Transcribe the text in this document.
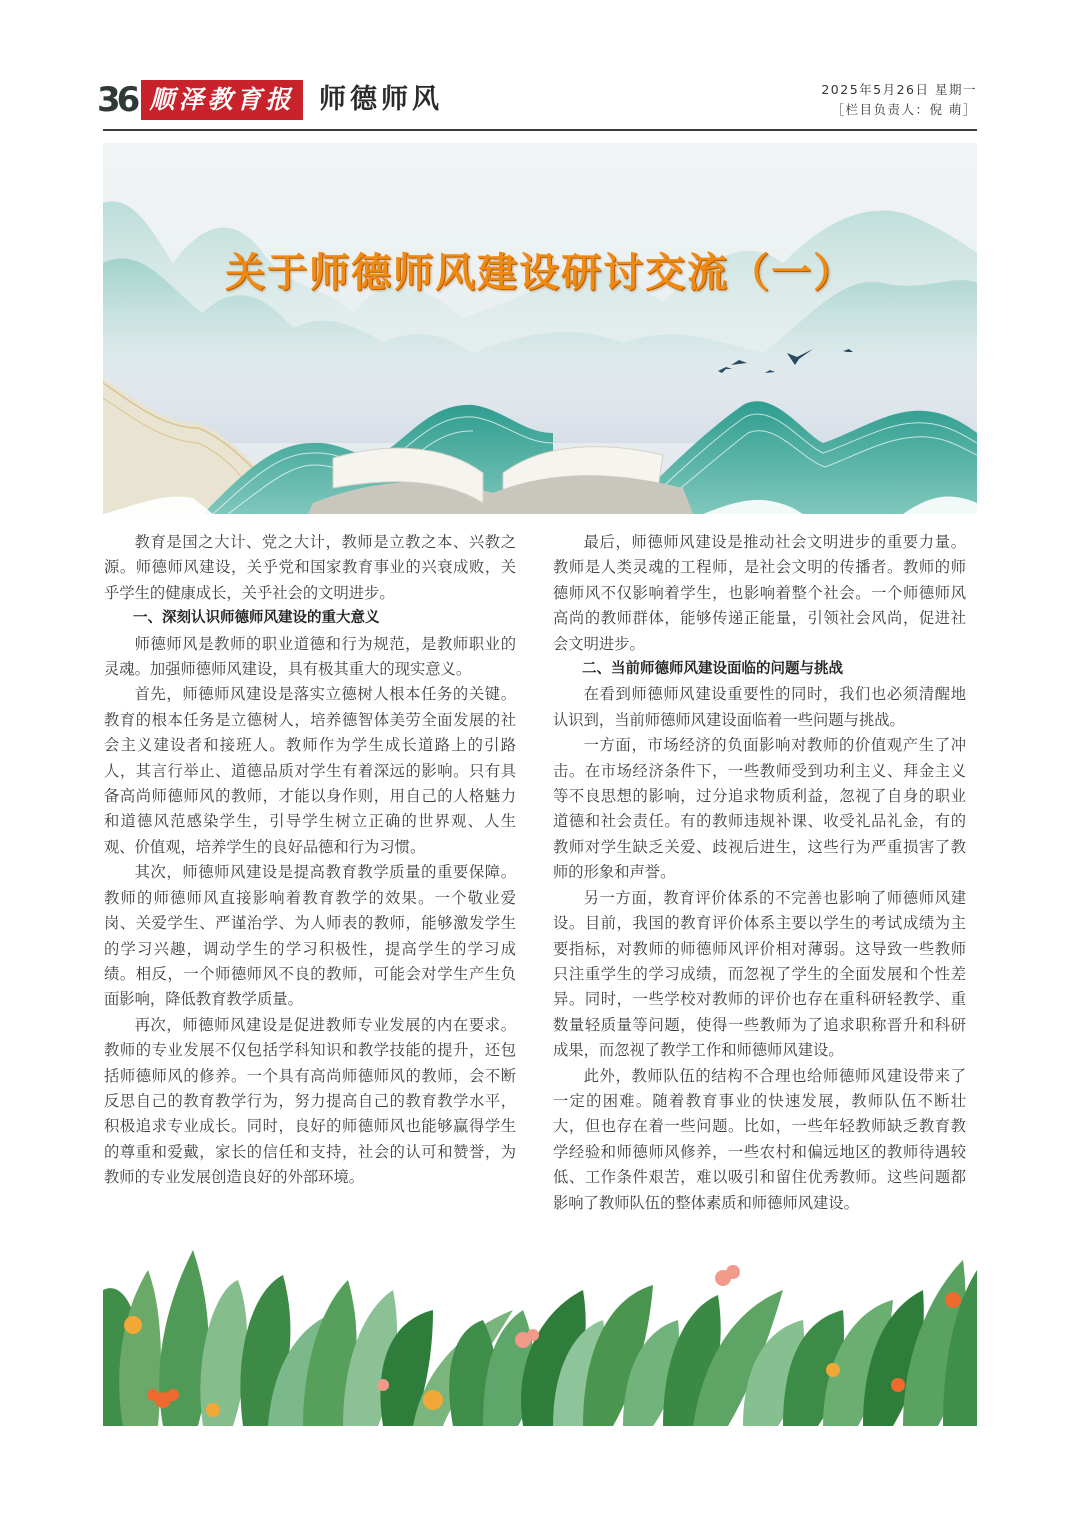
36 顺泽教育报 师德师风	2025年5月26日 星期一
［栏目负责人：倪 萌］
关于师德师风建设研讨交流（一）

教育是国之大计、党之大计，教师是立教之本、兴教之源。师德师风建设，关乎党和国家教育事业的兴衰成败，关乎学生的健康成长，关乎社会的文明进步。

一、深刻认识师德师风建设的重大意义

师德师风是教师的职业道德和行为规范，是教师职业的灵魂。加强师德师风建设，具有极其重大的现实意义。

首先，师德师风建设是落实立德树人根本任务的关键。教育的根本任务是立德树人，培养德智体美劳全面发展的社会主义建设者和接班人。教师作为学生成长道路上的引路人，其言行举止、道德品质对学生有着深远的影响。只有具备高尚师德师风的教师，才能以身作则，用自己的人格魅力和道德风范感染学生，引导学生树立正确的世界观、人生观、价值观，培养学生的良好品德和行为习惯。

其次，师德师风建设是提高教育教学质量的重要保障。教师的师德师风直接影响着教育教学的效果。一个敬业爱岗、关爱学生、严谨治学、为人师表的教师，能够激发学生的学习兴趣，调动学生的学习积极性，提高学生的学习成绩。相反，一个师德师风不良的教师，可能会对学生产生负面影响，降低教育教学质量。

再次，师德师风建设是促进教师专业发展的内在要求。教师的专业发展不仅包括学科知识和教学技能的提升，还包括师德师风的修养。一个具有高尚师德师风的教师，会不断反思自己的教育教学行为，努力提高自己的教育教学水平，积极追求专业成长。同时，良好的师德师风也能够赢得学生的尊重和爱戴，家长的信任和支持，社会的认可和赞誉，为教师的专业发展创造良好的外部环境。

最后，师德师风建设是推动社会文明进步的重要力量。教师是人类灵魂的工程师，是社会文明的传播者。教师的师德师风不仅影响着学生，也影响着整个社会。一个师德师风高尚的教师群体，能够传递正能量，引领社会风尚，促进社会文明进步。

二、当前师德师风建设面临的问题与挑战

在看到师德师风建设重要性的同时，我们也必须清醒地认识到，当前师德师风建设面临着一些问题与挑战。

一方面，市场经济的负面影响对教师的价值观产生了冲击。在市场经济条件下，一些教师受到功利主义、拜金主义等不良思想的影响，过分追求物质利益，忽视了自身的职业道德和社会责任。有的教师违规补课、收受礼品礼金，有的教师对学生缺乏关爱、歧视后进生，这些行为严重损害了教师的形象和声誉。

另一方面，教育评价体系的不完善也影响了师德师风建设。目前，我国的教育评价体系主要以学生的考试成绩为主要指标，对教师的师德师风评价相对薄弱。这导致一些教师只注重学生的学习成绩，而忽视了学生的全面发展和个性差异。同时，一些学校对教师的评价也存在重科研轻教学、重数量轻质量等问题，使得一些教师为了追求职称晋升和科研成果，而忽视了教学工作和师德师风建设。

此外，教师队伍的结构不合理也给师德师风建设带来了一定的困难。随着教育事业的快速发展，教师队伍不断壮大，但也存在着一些问题。比如，一些年轻教师缺乏教育教学经验和师德师风修养，一些农村和偏远地区的教师待遇较低、工作条件艰苦，难以吸引和留住优秀教师。这些问题都影响了教师队伍的整体素质和师德师风建设。
